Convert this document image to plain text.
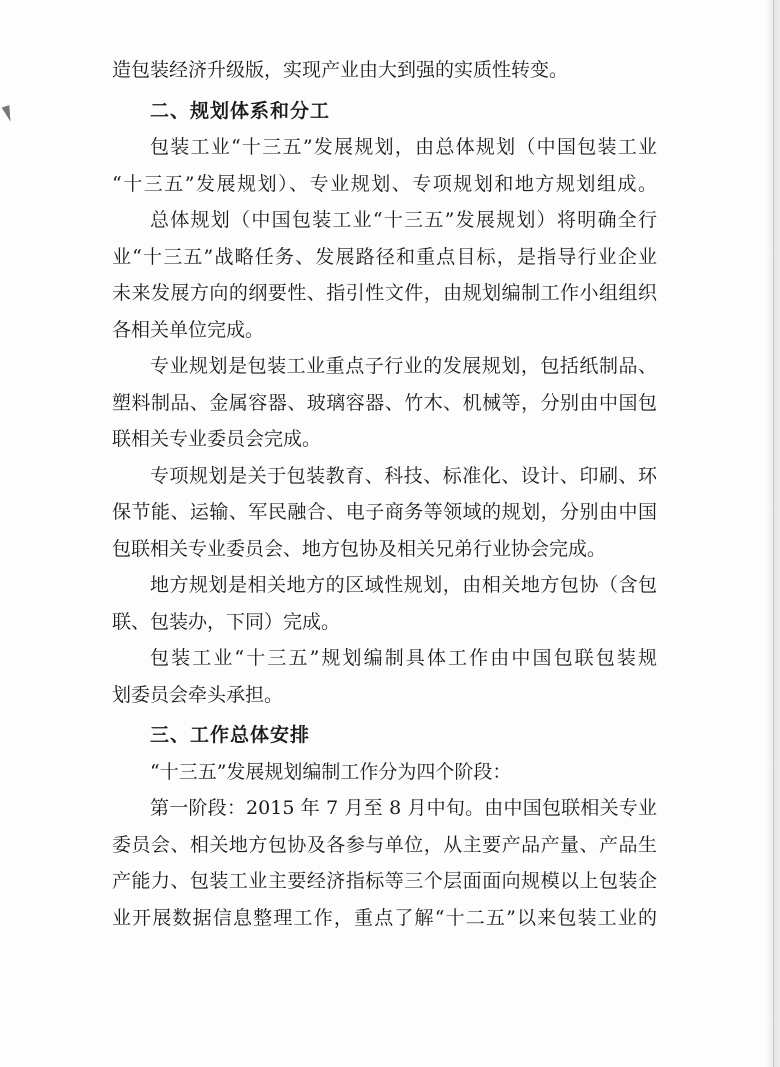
造包装经济升级版，实现产业由大到强的实质性转变。
二、规划体系和分工
包装工业“十三五”发展规划，由总体规划（中国包装工业
“十三五”发展规划）、专业规划、专项规划和地方规划组成。
总体规划（中国包装工业“十三五”发展规划）将明确全行
业“十三五”战略任务、发展路径和重点目标，是指导行业企业
未来发展方向的纲要性、指引性文件，由规划编制工作小组组织
各相关单位完成。
专业规划是包装工业重点子行业的发展规划，包括纸制品、
塑料制品、金属容器、玻璃容器、竹木、机械等，分别由中国包
联相关专业委员会完成。
专项规划是关于包装教育、科技、标准化、设计、印刷、环
保节能、运输、军民融合、电子商务等领域的规划，分别由中国
包联相关专业委员会、地方包协及相关兄弟行业协会完成。
地方规划是相关地方的区域性规划，由相关地方包协（含包
联、包装办，下同）完成。
包装工业“十三五”规划编制具体工作由中国包联包装规
划委员会牵头承担。
三、工作总体安排
“十三五”发展规划编制工作分为四个阶段：
第一阶段：2015 年 7 月至 8 月中旬。由中国包联相关专业
委员会、相关地方包协及各参与单位，从主要产品产量、产品生
产能力、包装工业主要经济指标等三个层面面向规模以上包装企
业开展数据信息整理工作，重点了解“十二五”以来包装工业的
